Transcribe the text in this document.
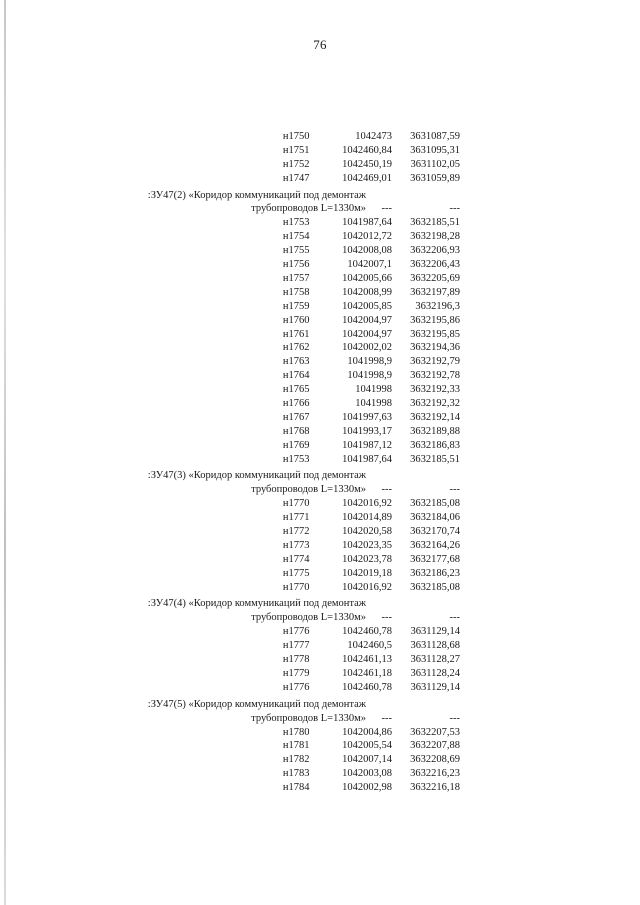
76
н1750	1042473	3631087,59
н1751	1042460,84	3631095,31
н1752	1042450,19	3631102,05
н1747	1042469,01	3631059,89
:ЗУ47(2) «Коридор коммуникаций под демонтаж
трубопроводов L=1330м»	---	---
н1753	1041987,64	3632185,51
н1754	1042012,72	3632198,28
н1755	1042008,08	3632206,93
н1756	1042007,1	3632206,43
н1757	1042005,66	3632205,69
н1758	1042008,99	3632197,89
н1759	1042005,85	3632196,3
н1760	1042004,97	3632195,86
н1761	1042004,97	3632195,85
н1762	1042002,02	3632194,36
н1763	1041998,9	3632192,79
н1764	1041998,9	3632192,78
н1765	1041998	3632192,33
н1766	1041998	3632192,32
н1767	1041997,63	3632192,14
н1768	1041993,17	3632189,88
н1769	1041987,12	3632186,83
н1753	1041987,64	3632185,51
:ЗУ47(3) «Коридор коммуникаций под демонтаж
трубопроводов L=1330м»	---	---
н1770	1042016,92	3632185,08
н1771	1042014,89	3632184,06
н1772	1042020,58	3632170,74
н1773	1042023,35	3632164,26
н1774	1042023,78	3632177,68
н1775	1042019,18	3632186,23
н1770	1042016,92	3632185,08
:ЗУ47(4) «Коридор коммуникаций под демонтаж
трубопроводов L=1330м»	---	---
н1776	1042460,78	3631129,14
н1777	1042460,5	3631128,68
н1778	1042461,13	3631128,27
н1779	1042461,18	3631128,24
н1776	1042460,78	3631129,14
:ЗУ47(5) «Коридор коммуникаций под демонтаж
трубопроводов L=1330м»	---	---
н1780	1042004,86	3632207,53
н1781	1042005,54	3632207,88
н1782	1042007,14	3632208,69
н1783	1042003,08	3632216,23
н1784	1042002,98	3632216,18
